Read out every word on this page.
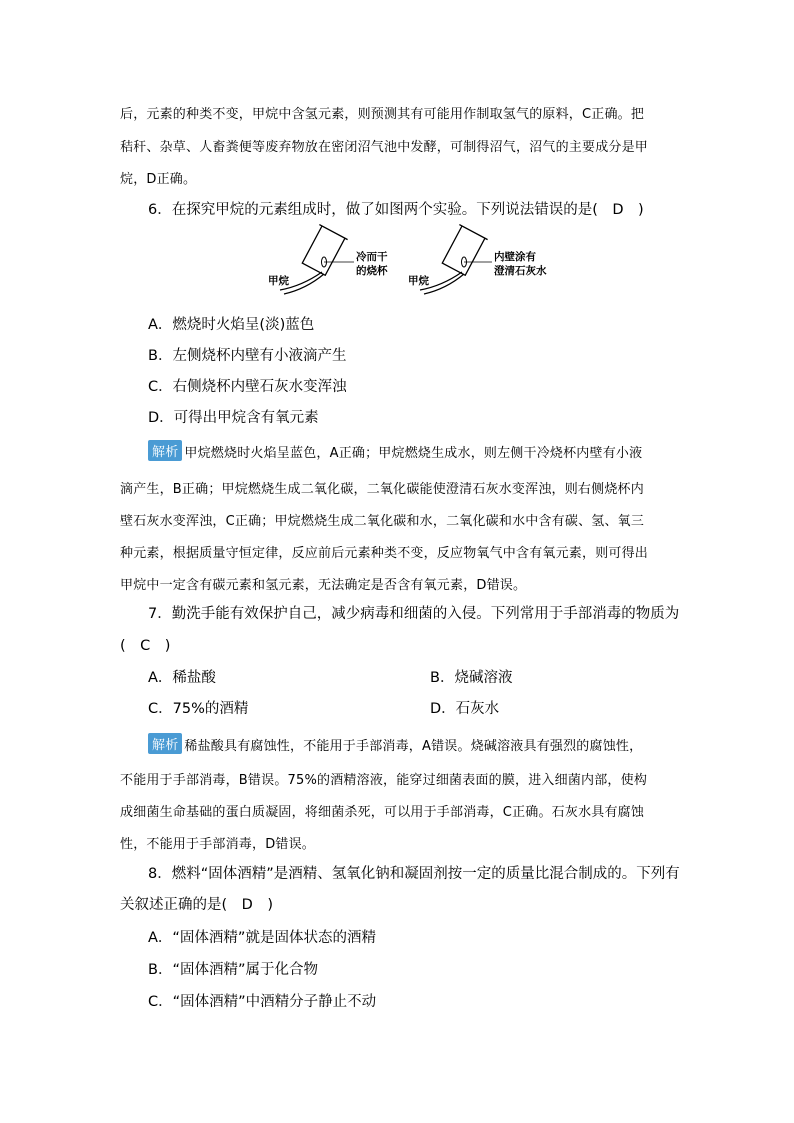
后，元素的种类不变，甲烷中含氢元素，则预测其有可能用作制取氢气的原料，C正确。把
秸秆、杂草、人畜粪便等废弃物放在密闭沼气池中发酵，可制得沼气，沼气的主要成分是甲
烷，D正确。
6．在探究甲烷的元素组成时，做了如图两个实验。下列说法错误的是(　D　)
甲烷
冷而干
的烧杯
甲烷
内壁涂有
澄清石灰水
A．燃烧时火焰呈(淡)蓝色
B．左侧烧杯内壁有小液滴产生
C．右侧烧杯内壁石灰水变浑浊
D．可得出甲烷含有氧元素
解析 甲烷燃烧时火焰呈蓝色，A正确；甲烷燃烧生成水，则左侧干冷烧杯内壁有小液
滴产生，B正确；甲烷燃烧生成二氧化碳，二氧化碳能使澄清石灰水变浑浊，则右侧烧杯内
壁石灰水变浑浊，C正确；甲烷燃烧生成二氧化碳和水，二氧化碳和水中含有碳、氢、氧三
种元素，根据质量守恒定律，反应前后元素种类不变，反应物氧气中含有氧元素，则可得出
甲烷中一定含有碳元素和氢元素，无法确定是否含有氧元素，D错误。
7．勤洗手能有效保护自己，减少病毒和细菌的入侵。下列常用于手部消毒的物质为
(　C　)
A．稀盐酸	B．烧碱溶液
C．75%的酒精	D．石灰水
解析 稀盐酸具有腐蚀性，不能用于手部消毒，A错误。烧碱溶液具有强烈的腐蚀性，
不能用于手部消毒，B错误。75%的酒精溶液，能穿过细菌表面的膜，进入细菌内部，使构
成细菌生命基础的蛋白质凝固，将细菌杀死，可以用于手部消毒，C正确。石灰水具有腐蚀
性，不能用于手部消毒，D错误。
8．燃料“固体酒精”是酒精、氢氧化钠和凝固剂按一定的质量比混合制成的。下列有
关叙述正确的是(　D　)
A．“固体酒精”就是固体状态的酒精
B．“固体酒精”属于化合物
C．“固体酒精”中酒精分子静止不动
